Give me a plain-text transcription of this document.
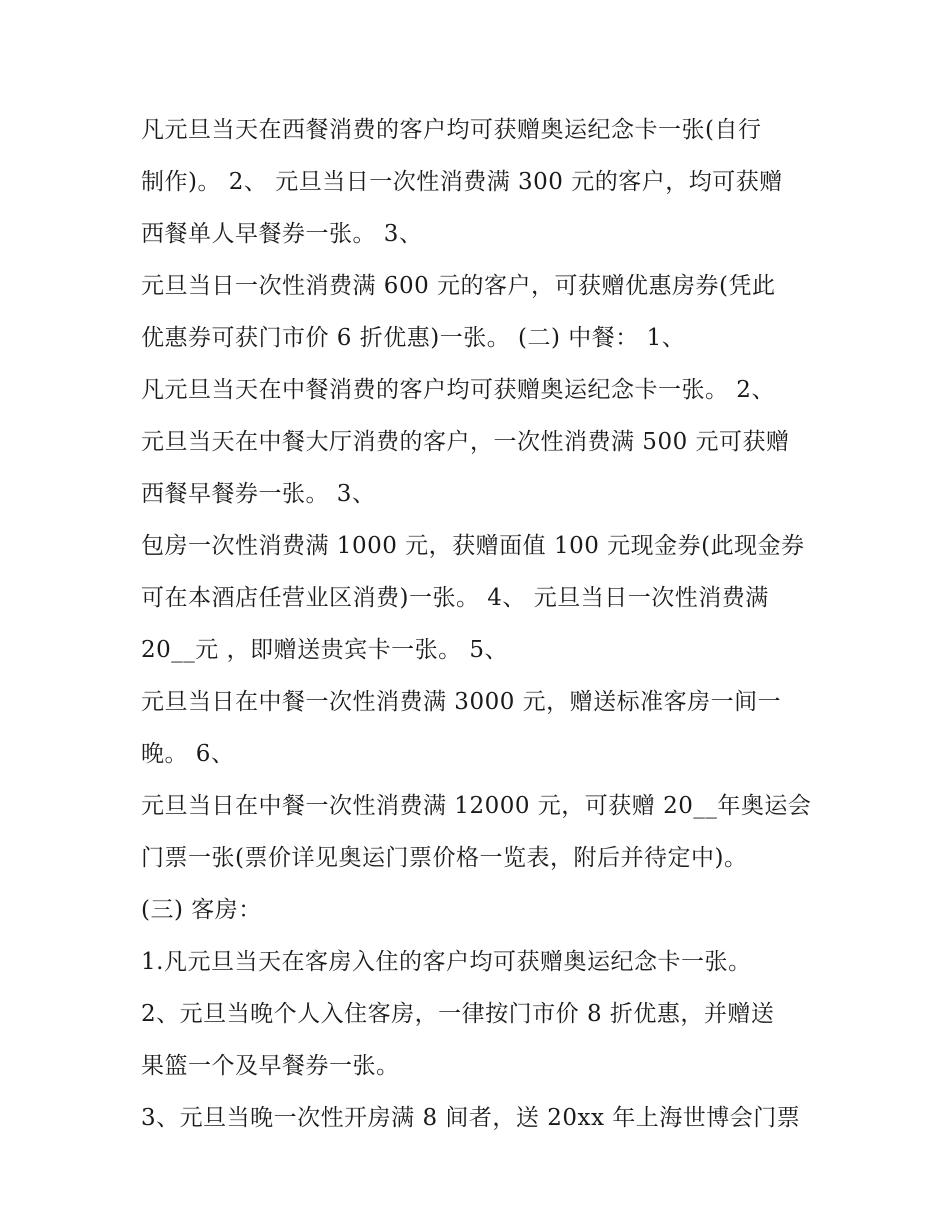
凡元旦当天在西餐消费的客户均可获赠奥运纪念卡一张(自行
制作)。 2、 元旦当日一次性消费满 300 元的客户，均可获赠
西餐单人早餐券一张。 3、
元旦当日一次性消费满 600 元的客户，可获赠优惠房券(凭此
优惠券可获门市价 6 折优惠)一张。 (二) 中餐： 1、
凡元旦当天在中餐消费的客户均可获赠奥运纪念卡一张。 2、
元旦当天在中餐大厅消费的客户，一次性消费满 500 元可获赠
西餐早餐券一张。 3、
包房一次性消费满 1000 元，获赠面值 100 元现金券(此现金券
可在本酒店任营业区消费)一张。 4、 元旦当日一次性消费满
20__元 ，即赠送贵宾卡一张。 5、
元旦当日在中餐一次性消费满 3000 元，赠送标准客房一间一
晚。 6、
元旦当日在中餐一次性消费满 12000 元，可获赠 20__年奥运会
门票一张(票价详见奥运门票价格一览表，附后并待定中)。
(三) 客房：
1.凡元旦当天在客房入住的客户均可获赠奥运纪念卡一张。
2、元旦当晚个人入住客房，一律按门市价 8 折优惠，并赠送
果篮一个及早餐券一张。
3、元旦当晚一次性开房满 8 间者，送 20xx 年上海世博会门票
